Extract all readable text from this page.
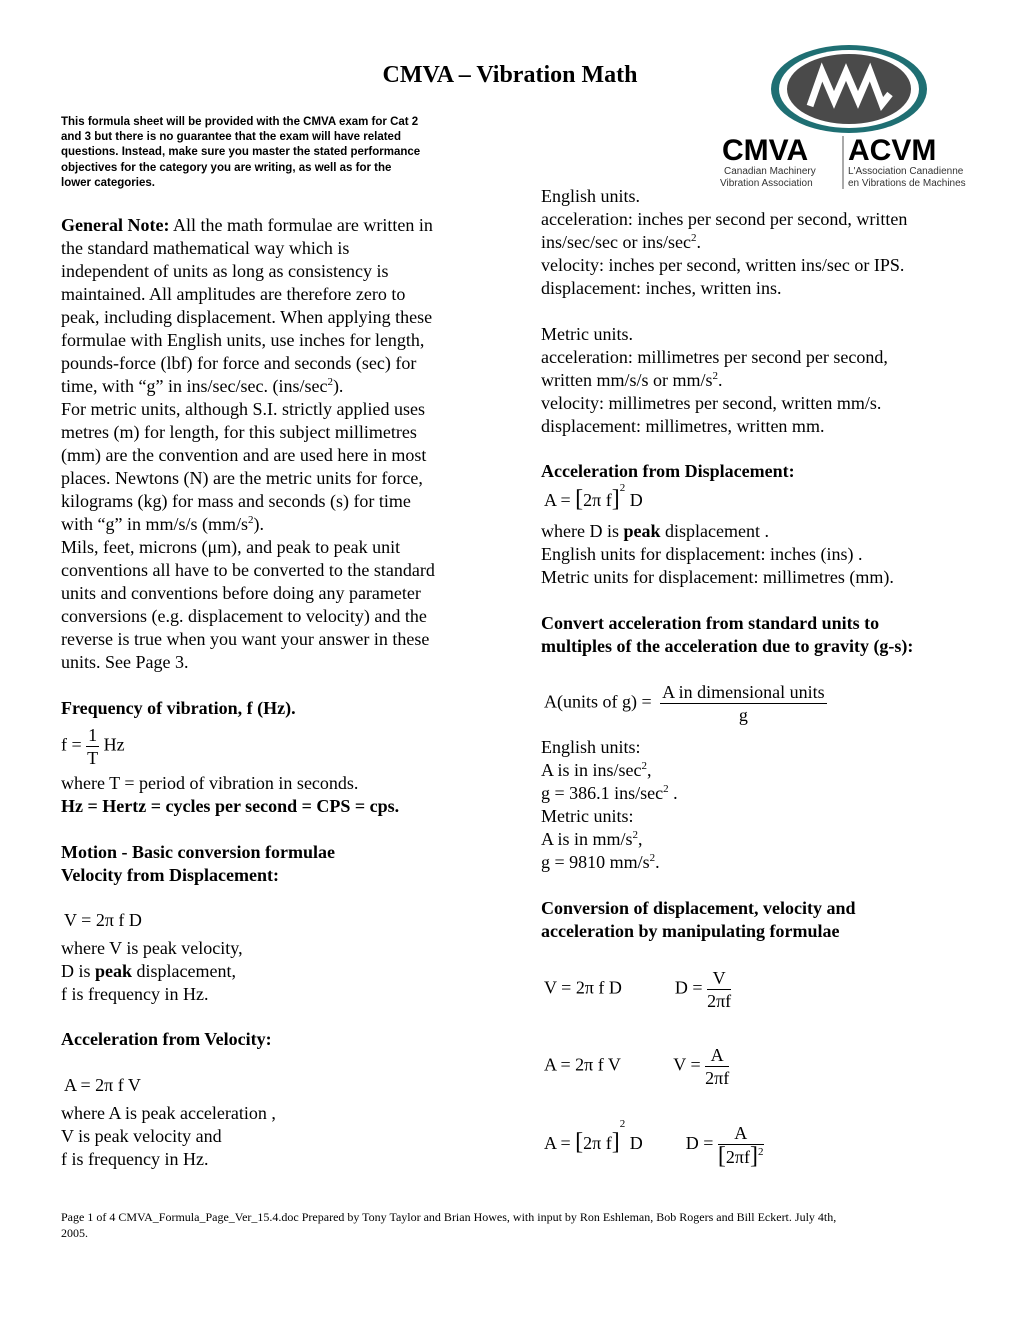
CMVA – Vibration Math
CMVA ACVM
Canadian Machinery
Vibration Association
L'Association Canadienne
en Vibrations de Machines
This formula sheet will be provided with the CMVA exam for Cat 2
and 3 but there is no guarantee that the exam will have related
questions. Instead, make sure you master the stated performance
objectives for the category you are writing, as well as for the
lower categories.
General Note: All the math formulae are written in
the standard mathematical way which is
independent of units as long as consistency is
maintained. All amplitudes are therefore zero to
peak, including displacement. When applying these
formulae with English units, use inches for length,
pounds-force (lbf) for force and seconds (sec) for
time, with “g” in ins/sec/sec. $(ins/\sec^2)$.
For metric units, although S.I. strictly applied uses
metres (m) for length, for this subject millimetres
(mm) are the convention and are used here in most
places. Newtons (N) are the metric units for force,
kilograms (kg) for mass and seconds (s) for time
with “g” in mm/s/s $(mm/s^2)$.
Mils, feet, microns (μm), and peak to peak unit
conventions all have to be converted to the standard
units and conventions before doing any parameter
conversions (e.g. displacement to velocity) and the
reverse is true when you want your answer in these
units. See Page 3.
Frequency of vibration, f (Hz).
$f = \frac{1}{T}$ Hz
where T = period of vibration in seconds.
Hz = Hertz = cycles per second = CPS = cps.
Motion - Basic conversion formulae
Velocity from Displacement:
V = 2π f D
where V is peak velocity,
D is peak displacement,
f is frequency in Hz.
Acceleration from Velocity:
A = 2π f V
where A is peak acceleration ,
V is peak velocity and
f is frequency in Hz.
English units.
acceleration: inches per second per second, written
ins/sec/sec or ins/$\sec^2$.
velocity: inches per second, written ins/sec or IPS.
displacement: inches, written ins.
Metric units.
acceleration: millimetres per second per second,
written mm/s/s or $mm/s^2$.
velocity: millimetres per second, written mm/s.
displacement: millimetres, written mm.
Acceleration from Displacement:
A = [2π f]$^2$ D
where D is peak displacement .
English units for displacement: inches (ins) .
Metric units for displacement: millimetres (mm).
Convert acceleration from standard units to
multiples of the acceleration due to gravity (g-s):
A(units of $g) = \frac{\text{A in dimensional units}}{g}$
English units:
A is in ins/$\sec^2$,
g = 386.1 ins/$\sec^2$ .
Metric units:
A is in $mm/s^2$,
g = 9810 $mm/s^2$.
Conversion of displacement, velocity and
acceleration by manipulating formulae
V = 2π f D	$D = \frac{V}{2\pi f}$
A = 2π f V	$V = \frac{A}{2\pi f}$
A = [2π f]$^2$ D $D = \frac{A}{[2\pi f]^2}$
Page 1 of 4 CMVA_Formula_Page_Ver_15.4.doc Prepared by Tony Taylor and Brian Howes, with input by Ron Eshleman, Bob Rogers and Bill Eckert. July 4th,
2005.
